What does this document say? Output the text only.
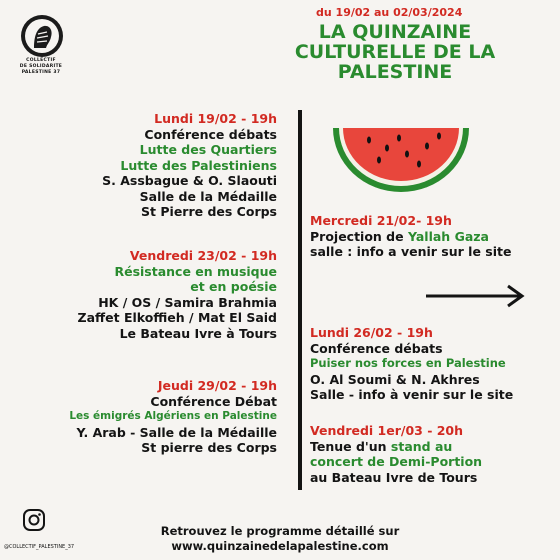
COLLECTIF
DE SOLIDARITE
PALESTINE 37
du 19/02 au 02/03/2024
LA QUINZAINE
CULTURELLE DE LA
PALESTINE
Lundi 19/02 - 19h
Conférence débats
Lutte des Quartiers
Lutte des Palestiniens
S. Assbague & O. Slaouti
Salle de la Médaille
St Pierre des Corps
Vendredi 23/02 - 19h
Résistance en musique
et en poésie
HK / OS / Samira Brahmia
Zaffet Elkoffieh / Mat El Said
Le Bateau Ivre à Tours
Jeudi 29/02 - 19h
Conférence Débat
Les émigrés Algériens en Palestine
Y. Arab - Salle de la Médaille
St pierre des Corps
Mercredi 21/02- 19h
Projection de Yallah Gaza
salle : info a venir sur le site
Lundi 26/02 - 19h
Conférence débats
Puiser nos forces en Palestine
O. Al Soumi & N. Akhres
Salle - info à venir sur le site
Vendredi 1er/03 - 20h
Tenue d'un stand au
concert de Demi-Portion
au Bateau Ivre de Tours
@COLLECTIF_PALESTINE_37
Retrouvez le programme détaillé sur
www.quinzainedelapalestine.com
